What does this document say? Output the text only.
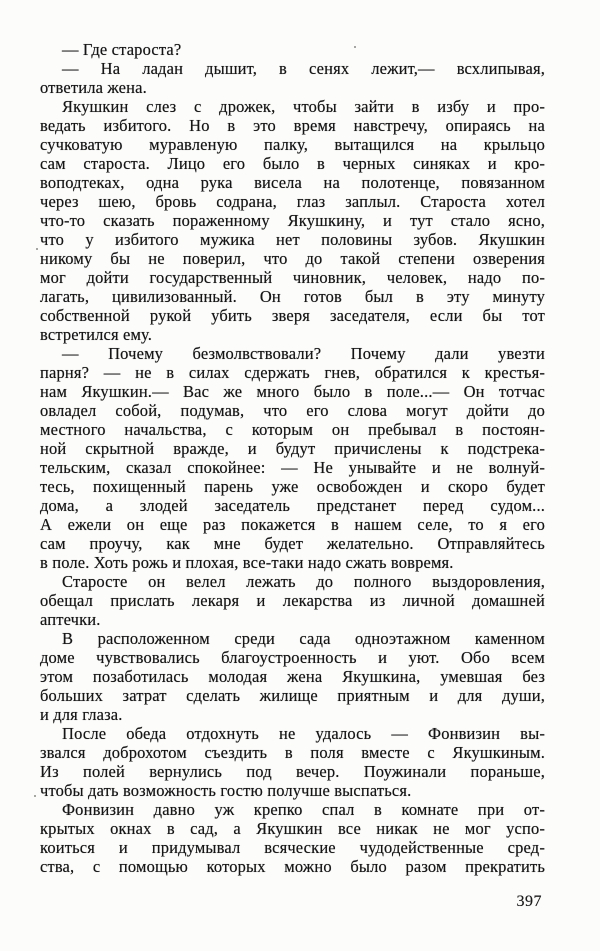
— Где староста?
— На ладан дышит, в сенях лежит,— всхлипывая,
ответила жена.
Якушкин слез с дрожек, чтобы зайти в избу и про-
ведать избитого. Но в это время навстречу, опираясь на
сучковатую муравленую палку, вытащился на крыльцо
сам староста. Лицо его было в черных синяках и кро-
воподтеках, одна рука висела на полотенце, повязанном
через шею, бровь содрана, глаз заплыл. Староста хотел
что-то сказать пораженному Якушкину, и тут стало ясно,
что у избитого мужика нет половины зубов. Якушкин
никому бы не поверил, что до такой степени озверения
мог дойти государственный чиновник, человек, надо по-
лагать, цивилизованный. Он готов был в эту минуту
собственной рукой убить зверя заседателя, если бы тот
встретился ему.
— Почему безмолвствовали? Почему дали увезти
парня? — не в силах сдержать гнев, обратился к крестья-
нам Якушкин.— Вас же много было в поле...— Он тотчас
овладел собой, подумав, что его слова могут дойти до
местного начальства, с которым он пребывал в постоян-
ной скрытной вражде, и будут причислены к подстрека-
тельским, сказал спокойнее: — Не унывайте и не волнуй-
тесь, похищенный парень уже освобожден и скоро будет
дома, а злодей заседатель предстанет перед судом...
А ежели он еще раз покажется в нашем селе, то я его
сам проучу, как мне будет желательно. Отправляйтесь
в поле. Хоть рожь и плохая, все-таки надо сжать вовремя.
Старосте он велел лежать до полного выздоровления,
обещал прислать лекаря и лекарства из личной домашней
аптечки.
В расположенном среди сада одноэтажном каменном
доме чувствовались благоустроенность и уют. Обо всем
этом позаботилась молодая жена Якушкина, умевшая без
больших затрат сделать жилище приятным и для души,
и для глаза.
После обеда отдохнуть не удалось — Фонвизин вы-
звался доброхотом съездить в поля вместе с Якушкиным.
Из полей вернулись под вечер. Поужинали пораньше,
чтобы дать возможность гостю получше выспаться.
Фонвизин давно уж крепко спал в комнате при от-
крытых окнах в сад, а Якушкин все никак не мог успо-
коиться и придумывал всяческие чудодейственные сред-
ства, с помощью которых можно было разом прекратить
397
